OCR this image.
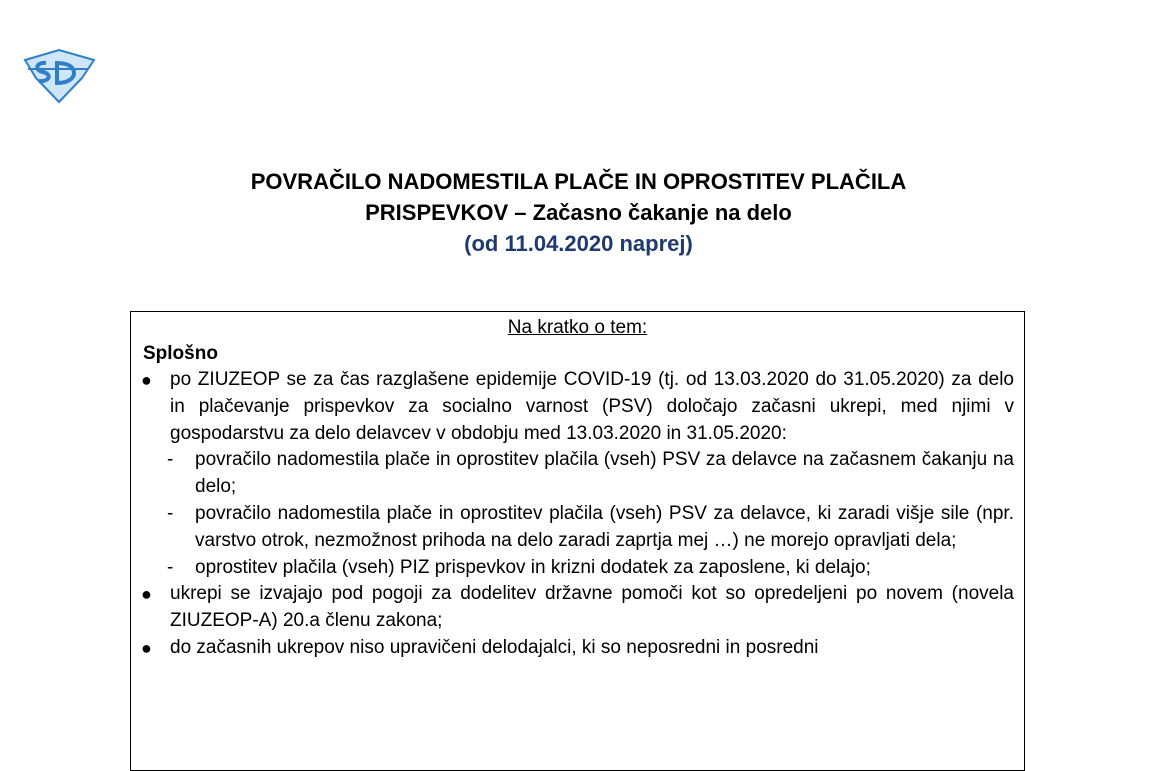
POVRAČILO NADOMESTILA PLAČE IN OPROSTITEV PLAČILA
PRISPEVKOV – Začasno čakanje na delo
(od 11.04.2020 naprej)
Na kratko o tem:
Splošno
● po ZIUZEOP se za čas razglašene epidemije COVID-19 (tj. od 13.03.2020 do 31.05.2020) za delo in plačevanje prispevkov za socialno varnost (PSV) določajo začasni ukrepi, med njimi v gospodarstvu za delo delavcev v obdobju med 13.03.2020 in 31.05.2020:
-	povračilo nadomestila plače in oprostitev plačila (vseh) PSV za delavce na začasnem čakanju na delo;
-	povračilo nadomestila plače in oprostitev plačila (vseh) PSV za delavce, ki zaradi višje sile (npr. varstvo otrok, nezmožnost prihoda na delo zaradi zaprtja mej …) ne morejo opravljati dela;
-	oprostitev plačila (vseh) PIZ prispevkov in krizni dodatek za zaposlene, ki delajo;
● ukrepi se izvajajo pod pogoji za dodelitev državne pomoči kot so opredeljeni po novem (novela ZIUZEOP-A) 20.a členu zakona;
● do začasnih ukrepov niso upravičeni delodajalci, ki so neposredni in posredni
